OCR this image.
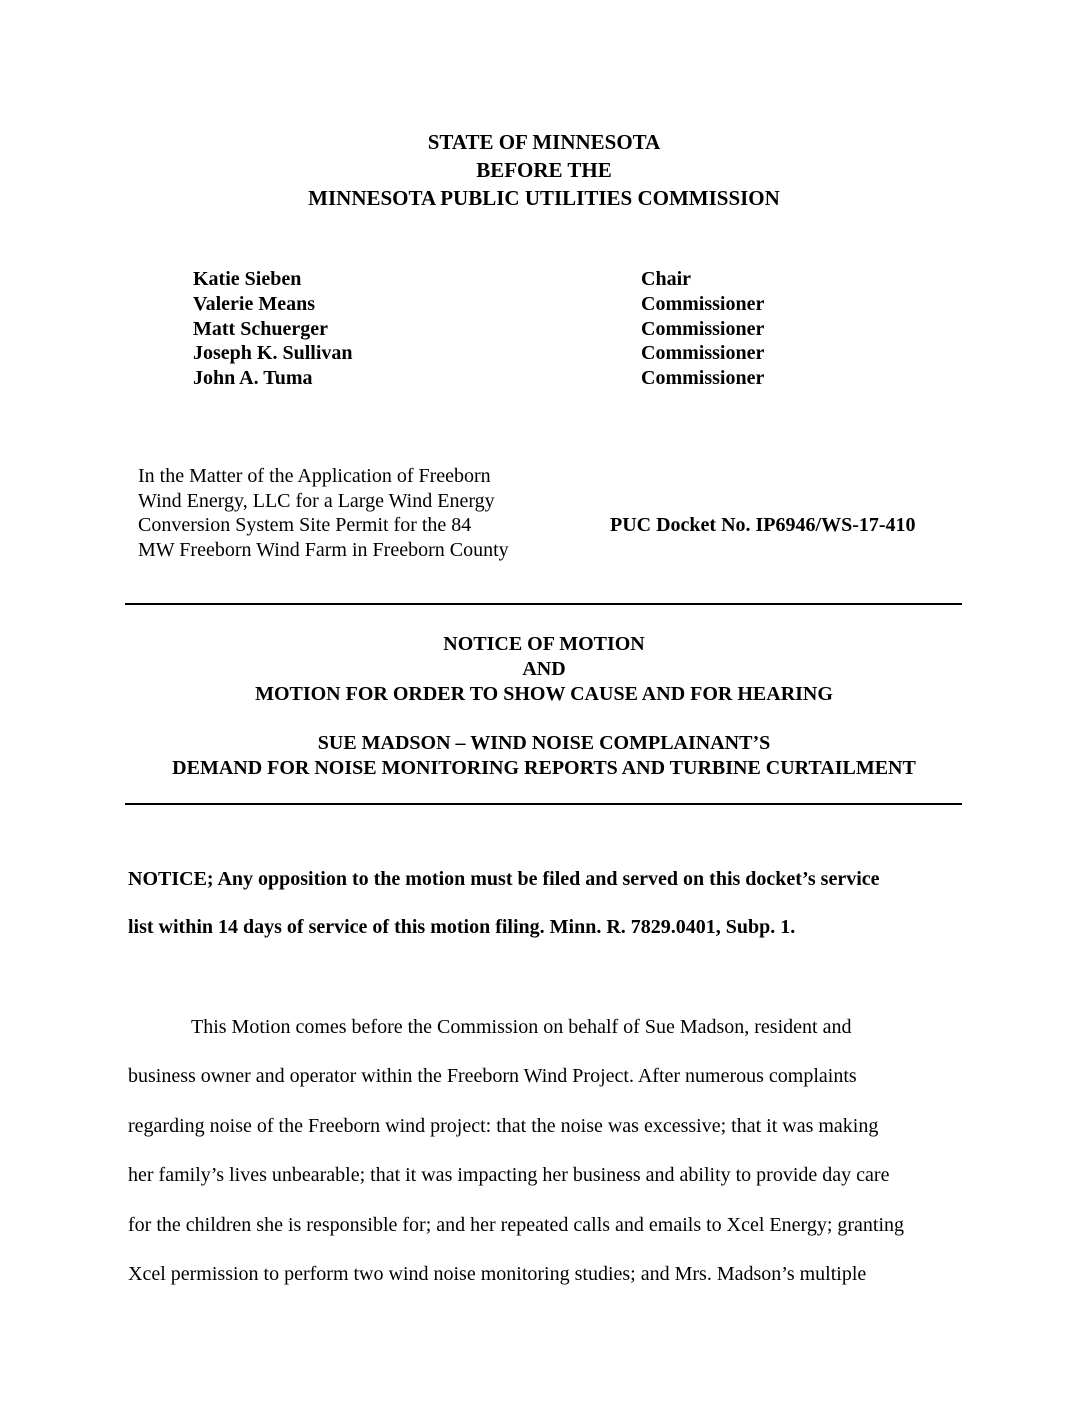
STATE OF MINNESOTA
BEFORE THE
MINNESOTA PUBLIC UTILITIES COMMISSION
Katie Sieben	Chair
Valerie Means	Commissioner
Matt Schuerger	Commissioner
Joseph K. Sullivan	Commissioner
John A. Tuma	Commissioner
In the Matter of the Application of Freeborn
Wind Energy, LLC for a Large Wind Energy
Conversion System Site Permit for the 84
MW Freeborn Wind Farm in Freeborn County
PUC Docket No. IP6946/WS-17-410
NOTICE OF MOTION
AND
MOTION FOR ORDER TO SHOW CAUSE AND FOR HEARING
SUE MADSON – WIND NOISE COMPLAINANT’S
DEMAND FOR NOISE MONITORING REPORTS AND TURBINE CURTAILMENT
NOTICE; Any opposition to the motion must be filed and served on this docket’s service
list within 14 days of service of this motion filing. Minn. R. 7829.0401, Subp. 1.
This Motion comes before the Commission on behalf of Sue Madson, resident and
business owner and operator within the Freeborn Wind Project. After numerous complaints
regarding noise of the Freeborn wind project: that the noise was excessive; that it was making
her family’s lives unbearable; that it was impacting her business and ability to provide day care
for the children she is responsible for; and her repeated calls and emails to Xcel Energy; granting
Xcel permission to perform two wind noise monitoring studies; and Mrs. Madson’s multiple
